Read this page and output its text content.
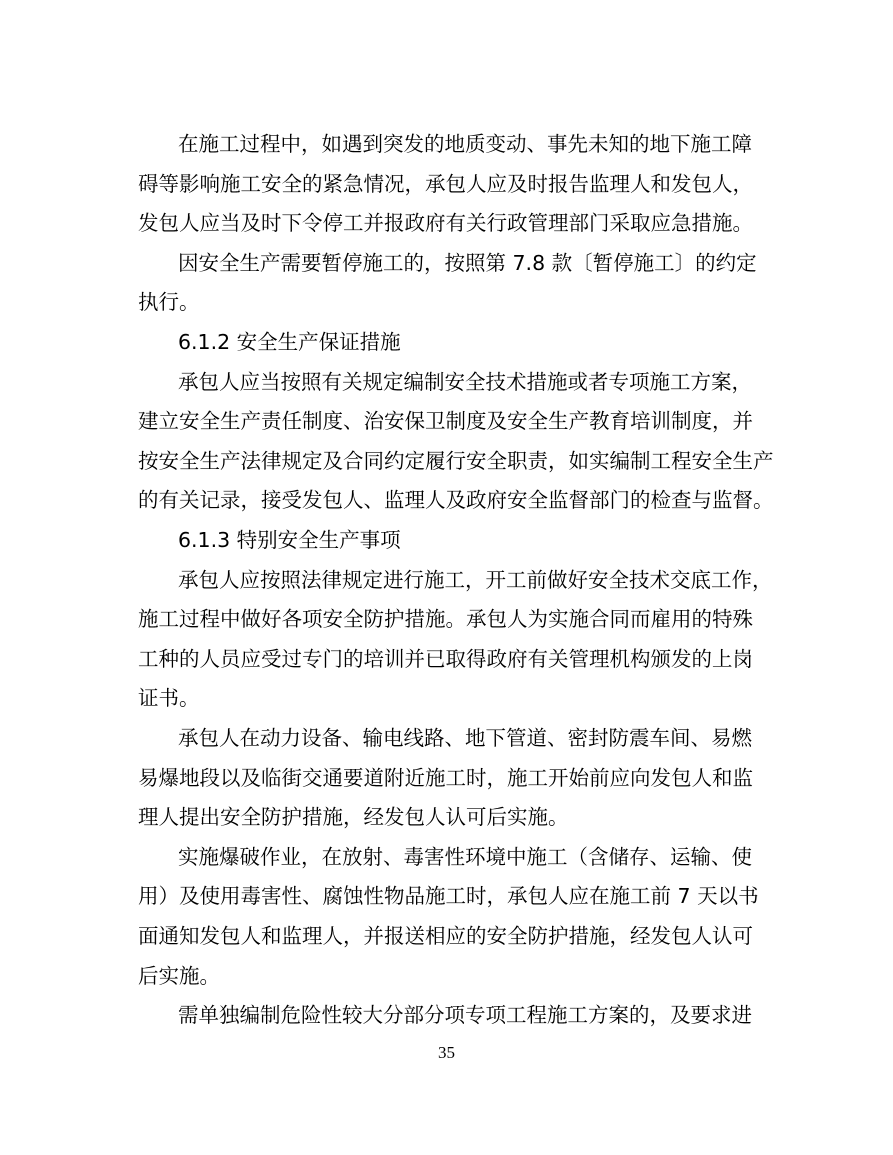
在施工过程中，如遇到突发的地质变动、事先未知的地下施工障
碍等影响施工安全的紧急情况，承包人应及时报告监理人和发包人，
发包人应当及时下令停工并报政府有关行政管理部门采取应急措施。
因安全生产需要暂停施工的，按照第 7.8 款〔暂停施工〕的约定
执行。
6.1.2 安全生产保证措施
承包人应当按照有关规定编制安全技术措施或者专项施工方案，
建立安全生产责任制度、治安保卫制度及安全生产教育培训制度，并
按安全生产法律规定及合同约定履行安全职责，如实编制工程安全生产
的有关记录，接受发包人、监理人及政府安全监督部门的检查与监督。
6.1.3 特别安全生产事项
承包人应按照法律规定进行施工，开工前做好安全技术交底工作，
施工过程中做好各项安全防护措施。承包人为实施合同而雇用的特殊
工种的人员应受过专门的培训并已取得政府有关管理机构颁发的上岗
证书。
承包人在动力设备、输电线路、地下管道、密封防震车间、易燃
易爆地段以及临街交通要道附近施工时，施工开始前应向发包人和监
理人提出安全防护措施，经发包人认可后实施。
实施爆破作业，在放射、毒害性环境中施工（含储存、运输、使
用）及使用毒害性、腐蚀性物品施工时，承包人应在施工前 7 天以书
面通知发包人和监理人，并报送相应的安全防护措施，经发包人认可
后实施。
需单独编制危险性较大分部分项专项工程施工方案的，及要求进
35
